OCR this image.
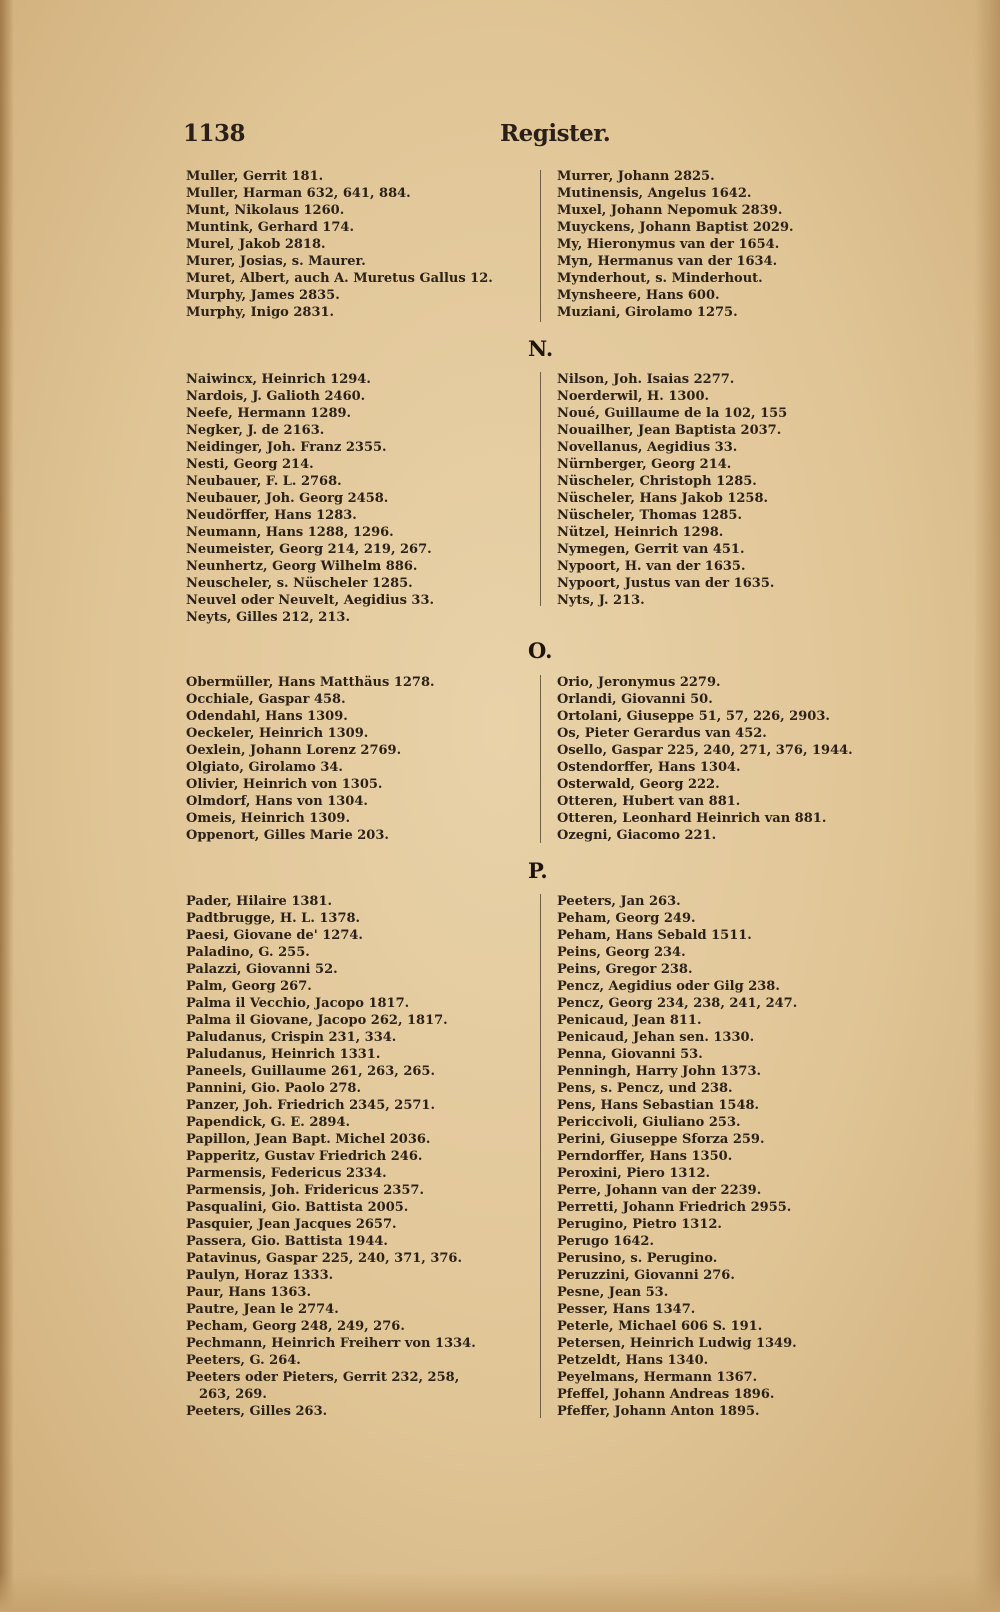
1138	Register.
Muller, Gerrit 181.
Muller, Harman 632, 641, 884.
Munt, Nikolaus 1260.
Muntink, Gerhard 174.
Murel, Jakob 2818.
Murer, Josias, s. Maurer.
Muret, Albert, auch A. Muretus Gallus 12.
Murphy, James 2835.
Murphy, Inigo 2831.
Murrer, Johann 2825.
Mutinensis, Angelus 1642.
Muxel, Johann Nepomuk 2839.
Muyckens, Johann Baptist 2029.
My, Hieronymus van der 1654.
Myn, Hermanus van der 1634.
Mynderhout, s. Minderhout.
Mynsheere, Hans 600.
Muziani, Girolamo 1275.
N.
Naiwincx, Heinrich 1294.
Nardois, J. Galioth 2460.
Neefe, Hermann 1289.
Negker, J. de 2163.
Neidinger, Joh. Franz 2355.
Nesti, Georg 214.
Neubauer, F. L. 2768.
Neubauer, Joh. Georg 2458.
Neudörffer, Hans 1283.
Neumann, Hans 1288, 1296.
Neumeister, Georg 214, 219, 267.
Neunhertz, Georg Wilhelm 886.
Neuscheler, s. Nüscheler 1285.
Neuvel oder Neuvelt, Aegidius 33.
Neyts, Gilles 212, 213.
Nilson, Joh. Isaias 2277.
Noerderwil, H. 1300.
Noué, Guillaume de la 102, 155
Nouailher, Jean Baptista 2037.
Novellanus, Aegidius 33.
Nürnberger, Georg 214.
Nüscheler, Christoph 1285.
Nüscheler, Hans Jakob 1258.
Nüscheler, Thomas 1285.
Nützel, Heinrich 1298.
Nymegen, Gerrit van 451.
Nypoort, H. van der 1635.
Nypoort, Justus van der 1635.
Nyts, J. 213.
O.
Obermüller, Hans Matthäus 1278.
Occhiale, Gaspar 458.
Odendahl, Hans 1309.
Oeckeler, Heinrich 1309.
Oexlein, Johann Lorenz 2769.
Olgiato, Girolamo 34.
Olivier, Heinrich von 1305.
Olmdorf, Hans von 1304.
Omeis, Heinrich 1309.
Oppenort, Gilles Marie 203.
Orio, Jeronymus 2279.
Orlandi, Giovanni 50.
Ortolani, Giuseppe 51, 57, 226, 2903.
Os, Pieter Gerardus van 452.
Osello, Gaspar 225, 240, 271, 376, 1944.
Ostendorffer, Hans 1304.
Osterwald, Georg 222.
Otteren, Hubert van 881.
Otteren, Leonhard Heinrich van 881.
Ozegni, Giacomo 221.
P.
Pader, Hilaire 1381.
Padtbrugge, H. L. 1378.
Paesi, Giovane de' 1274.
Paladino, G. 255.
Palazzi, Giovanni 52.
Palm, Georg 267.
Palma il Vecchio, Jacopo 1817.
Palma il Giovane, Jacopo 262, 1817.
Paludanus, Crispin 231, 334.
Paludanus, Heinrich 1331.
Paneels, Guillaume 261, 263, 265.
Pannini, Gio. Paolo 278.
Panzer, Joh. Friedrich 2345, 2571.
Papendick, G. E. 2894.
Papillon, Jean Bapt. Michel 2036.
Papperitz, Gustav Friedrich 246.
Parmensis, Federicus 2334.
Parmensis, Joh. Fridericus 2357.
Pasqualini, Gio. Battista 2005.
Pasquier, Jean Jacques 2657.
Passera, Gio. Battista 1944.
Patavinus, Gaspar 225, 240, 371, 376.
Paulyn, Horaz 1333.
Paur, Hans 1363.
Pautre, Jean le 2774.
Pecham, Georg 248, 249, 276.
Pechmann, Heinrich Freiherr von 1334.
Peeters, G. 264.
Peeters oder Pieters, Gerrit 232, 258,
263, 269.
Peeters, Gilles 263.
Peeters, Jan 263.
Peham, Georg 249.
Peham, Hans Sebald 1511.
Peins, Georg 234.
Peins, Gregor 238.
Pencz, Aegidius oder Gilg 238.
Pencz, Georg 234, 238, 241, 247.
Penicaud, Jean 811.
Penicaud, Jehan sen. 1330.
Penna, Giovanni 53.
Penningh, Harry John 1373.
Pens, s. Pencz, und 238.
Pens, Hans Sebastian 1548.
Periccivoli, Giuliano 253.
Perini, Giuseppe Sforza 259.
Perndorffer, Hans 1350.
Peroxini, Piero 1312.
Perre, Johann van der 2239.
Perretti, Johann Friedrich 2955.
Perugino, Pietro 1312.
Perugo 1642.
Perusino, s. Perugino.
Peruzzini, Giovanni 276.
Pesne, Jean 53.
Pesser, Hans 1347.
Peterle, Michael 606 S. 191.
Petersen, Heinrich Ludwig 1349.
Petzeldt, Hans 1340.
Peyelmans, Hermann 1367.
Pfeffel, Johann Andreas 1896.
Pfeffer, Johann Anton 1895.
